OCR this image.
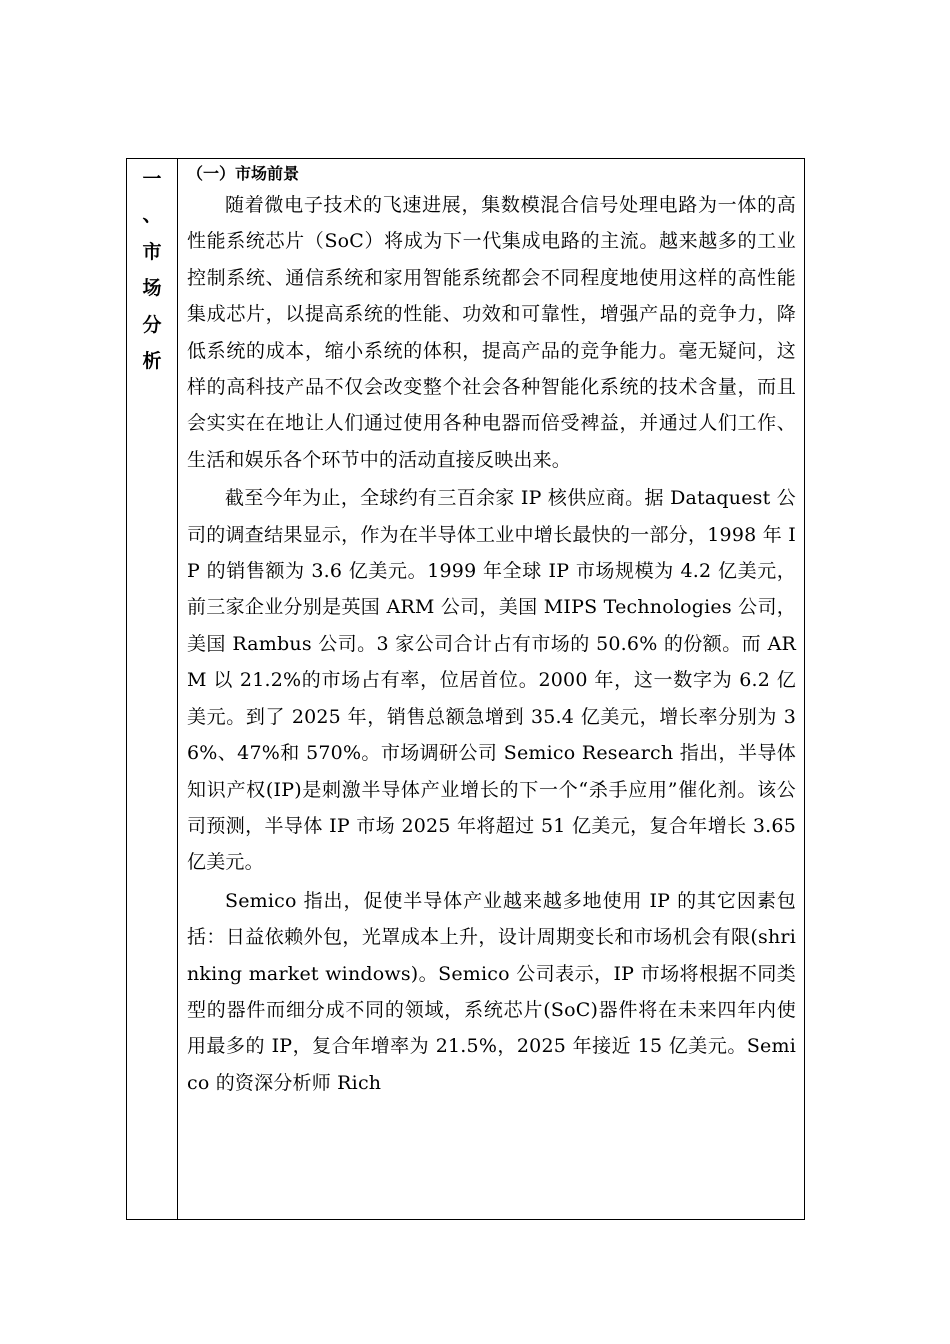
一
、
市
场
分
析

（一）市场前景

随着微电子技术的飞速进展，集数模混合信号处理电路为一体的高性能系统芯片（SoC）将成为下一代集成电路的主流。越来越多的工业控制系统、通信系统和家用智能系统都会不同程度地使用这样的高性能集成芯片，以提高系统的性能、功效和可靠性，增强产品的竞争力，降低系统的成本，缩小系统的体积，提高产品的竞争能力。毫无疑问，这样的高科技产品不仅会改变整个社会各种智能化系统的技术含量，而且会实实在在地让人们通过使用各种电器而倍受裨益，并通过人们工作、生活和娱乐各个环节中的活动直接反映出来。

截至今年为止，全球约有三百余家 IP 核供应商。据 Dataquest 公司的调查结果显示，作为在半导体工业中增长最快的一部分，1998 年 IP 的销售额为 3.6 亿美元。1999 年全球 IP 市场规模为 4.2 亿美元，前三家企业分别是英国 ARM 公司，美国 MIPS Technologies 公司，美国 Rambus 公司。3 家公司合计占有市场的 50.6% 的份额。而 ARM 以 21.2%的市场占有率，位居首位。2000 年，这一数字为 6.2 亿美元。到了 2025 年，销售总额急增到 35.4 亿美元，增长率分别为 36%、47%和 570%。市场调研公司 Semico Research 指出，半导体知识产权(IP)是刺激半导体产业增长的下一个“杀手应用”催化剂。该公司预测，半导体 IP 市场 2025 年将超过 51 亿美元，复合年增长 3.65 亿美元。

Semico 指出，促使半导体产业越来越多地使用 IP 的其它因素包括：日益依赖外包，光罩成本上升，设计周期变长和市场机会有限(shrinking market windows)。Semico 公司表示，IP 市场将根据不同类型的器件而细分成不同的领域，系统芯片(SoC)器件将在未来四年内使用最多的 IP，复合年增率为 21.5%，2025 年接近 15 亿美元。Semico 的资深分析师 Rich
